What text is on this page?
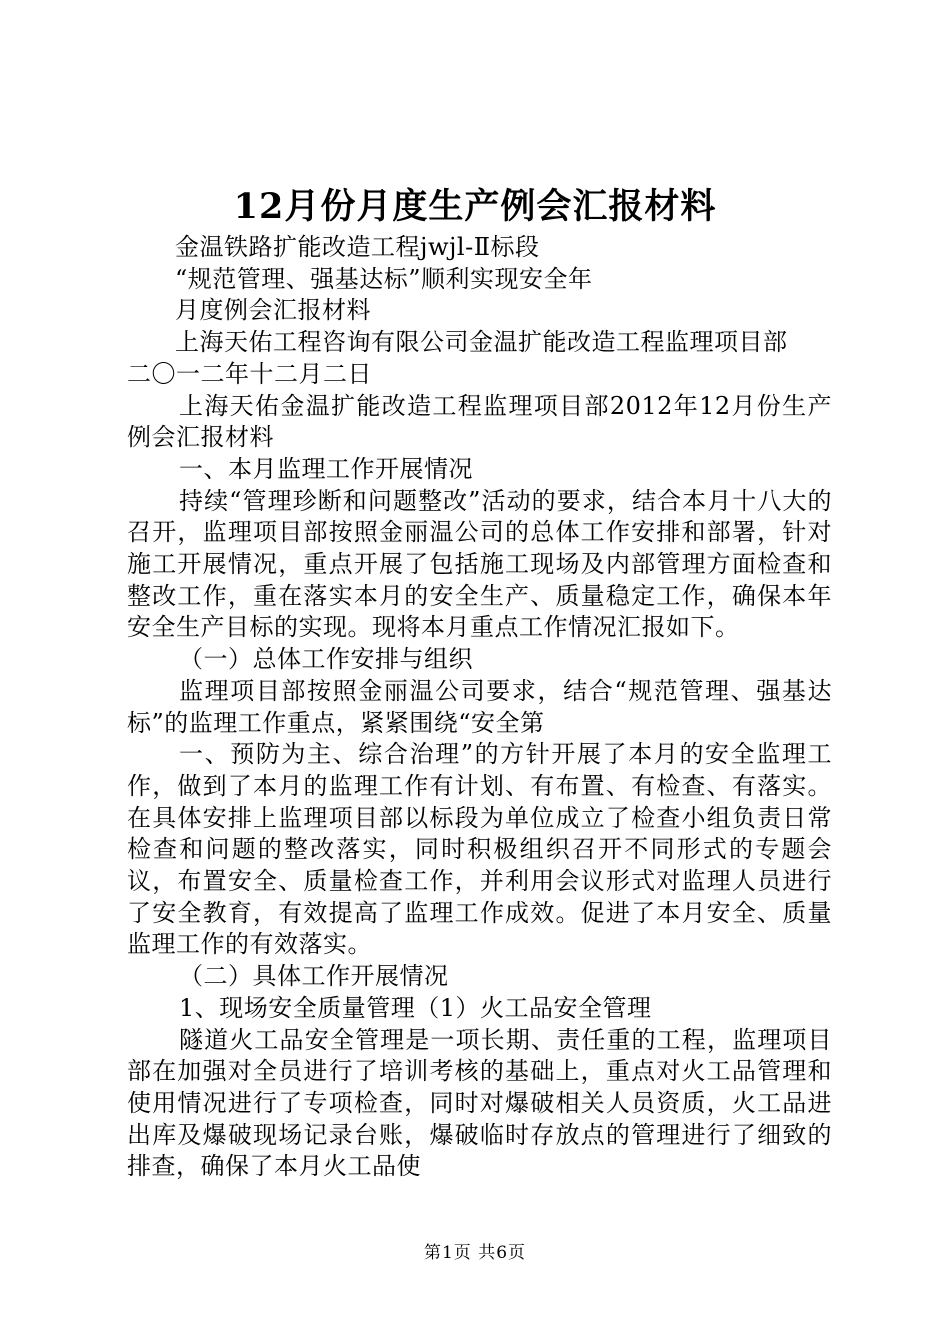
12月份月度生产例会汇报材料

金温铁路扩能改造工程jwjl-Ⅱ标段

“规范管理、强基达标”顺利实现安全年

月度例会汇报材料

上海天佑工程咨询有限公司金温扩能改造工程监理项目部

二〇一二年十二月二日

上海天佑金温扩能改造工程监理项目部2012年12月份生产例会汇报材料

一、本月监理工作开展情况

持续“管理珍断和问题整改”活动的要求，结合本月十八大的召开，监理项目部按照金丽温公司的总体工作安排和部署，针对施工开展情况，重点开展了包括施工现场及内部管理方面检查和整改工作，重在落实本月的安全生产、质量稳定工作，确保本年安全生产目标的实现。现将本月重点工作情况汇报如下。

（一）总体工作安排与组织

监理项目部按照金丽温公司要求，结合“规范管理、强基达标”的监理工作重点，紧紧围绕“安全第

一、预防为主、综合治理”的方针开展了本月的安全监理工作，做到了本月的监理工作有计划、有布置、有检查、有落实。在具体安排上监理项目部以标段为单位成立了检查小组负责日常检查和问题的整改落实，同时积极组织召开不同形式的专题会议，布置安全、质量检查工作，并利用会议形式对监理人员进行了安全教育，有效提高了监理工作成效。促进了本月安全、质量监理工作的有效落实。

（二）具体工作开展情况

1、现场安全质量管理（1）火工品安全管理

隧道火工品安全管理是一项长期、责任重的工程，监理项目部在加强对全员进行了培训考核的基础上，重点对火工品管理和使用情况进行了专项检查，同时对爆破相关人员资质，火工品进出库及爆破现场记录台账，爆破临时存放点的管理进行了细致的排查，确保了本月火工品使

第1页 共6页
